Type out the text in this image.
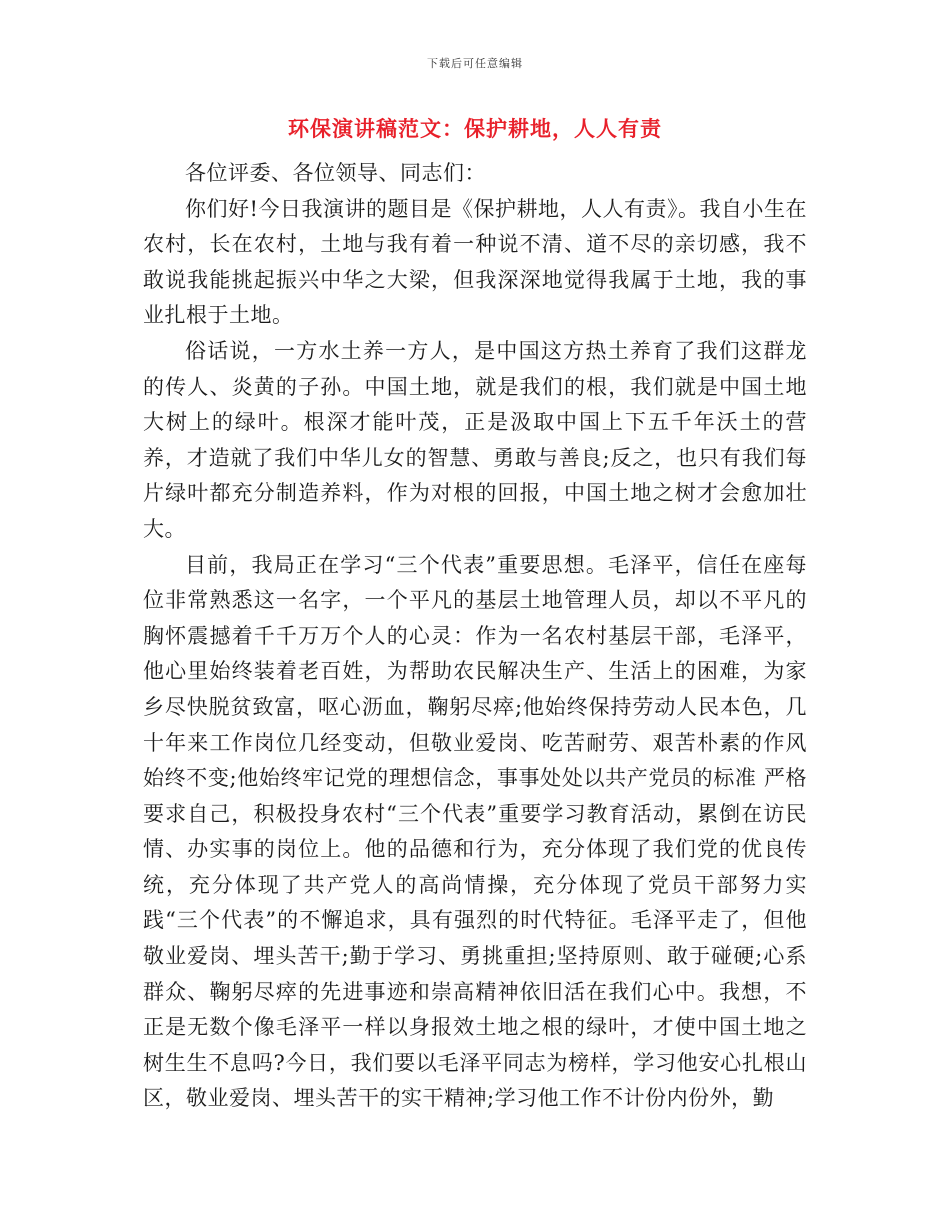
下载后可任意编辑
环保演讲稿范文：保护耕地，人人有责

各位评委、各位领导、同志们：

你们好!今日我演讲的题目是《保护耕地，人人有责》。我自小生在农村，长在农村，土地与我有着一种说不清、道不尽的亲切感，我不敢说我能挑起振兴中华之大梁，但我深深地觉得我属于土地，我的事业扎根于土地。

俗话说，一方水土养一方人，是中国这方热土养育了我们这群龙的传人、炎黄的子孙。中国土地，就是我们的根，我们就是中国土地大树上的绿叶。根深才能叶茂，正是汲取中国上下五千年沃土的营养，才造就了我们中华儿女的智慧、勇敢与善良;反之，也只有我们每片绿叶都充分制造养料，作为对根的回报，中国土地之树才会愈加壮大。

目前，我局正在学习“三个代表”重要思想。毛泽平，信任在座每位非常熟悉这一名字，一个平凡的基层土地管理人员，却以不平凡的胸怀震撼着千千万万个人的心灵：作为一名农村基层干部，毛泽平，他心里始终装着老百姓，为帮助农民解决生产、生活上的困难，为家乡尽快脱贫致富，呕心沥血，鞠躬尽瘁;他始终保持劳动人民本色，几十年来工作岗位几经变动，但敬业爱岗、吃苦耐劳、艰苦朴素的作风始终不变;他始终牢记党的理想信念，事事处处以共产党员的标准 严格要求自己，积极投身农村“三个代表”重要学习教育活动，累倒在访民情、办实事的岗位上。他的品德和行为，充分体现了我们党的优良传统，充分体现了共产党人的高尚情操，充分体现了党员干部努力实践“三个代表”的不懈追求，具有强烈的时代特征。毛泽平走了，但他敬业爱岗、埋头苦干;勤于学习、勇挑重担;坚持原则、敢于碰硬;心系群众、鞠躬尽瘁的先进事迹和崇高精神依旧活在我们心中。我想，不正是无数个像毛泽平一样以身报效土地之根的绿叶，才使中国土地之树生生不息吗?今日，我们要以毛泽平同志为榜样，学习他安心扎根山区，敬业爱岗、埋头苦干的实干精神;学习他工作不计份内份外，勤
